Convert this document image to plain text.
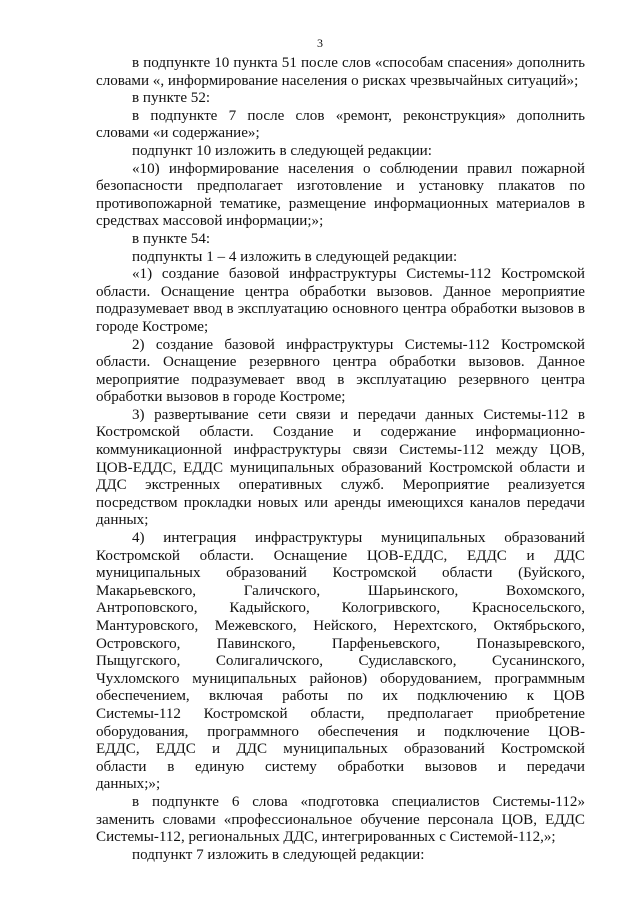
3

в подпункте 10 пункта 51 после слов «способам спасения» дополнить словами «, информирование населения о рисках чрезвычайных ситуаций»;

в пункте 52:

в подпункте 7 после слов «ремонт, реконструкция» дополнить словами «и содержание»;

подпункт 10 изложить в следующей редакции:

«10) информирование населения о соблюдении правил пожарной безопасности предполагает изготовление и установку плакатов по противопожарной тематике, размещение информационных материалов в средствах массовой информации;»;

в пункте 54:

подпункты 1 – 4 изложить в следующей редакции:

«1) создание базовой инфраструктуры Системы-112 Костромской области. Оснащение центра обработки вызовов. Данное мероприятие подразумевает ввод в эксплуатацию основного центра обработки вызовов в городе Костроме;

2) создание базовой инфраструктуры Системы-112 Костромской области. Оснащение резервного центра обработки вызовов. Данное мероприятие подразумевает ввод в эксплуатацию резервного центра обработки вызовов в городе Костроме;

3) развертывание сети связи и передачи данных Системы-112 в Костромской области. Создание и содержание информационно-коммуникационной инфраструктуры связи Системы-112 между ЦОВ, ЦОВ-ЕДДС, ЕДДС муниципальных образований Костромской области и ДДС экстренных оперативных служб. Мероприятие реализуется посредством прокладки новых или аренды имеющихся каналов передачи данных;

4) интеграция инфраструктуры муниципальных образований Костромской области. Оснащение ЦОВ-ЕДДС, ЕДДС и ДДС муниципальных образований Костромской области (Буйского, Макарьевского, Галичского, Шарьинского, Вохомского, Антроповского, Кадыйского, Кологривского, Красносельского, Мантуровского, Межевского, Нейского, Нерехтского, Октябрьского, Островского, Павинского, Парфеньевского, Поназыревского, Пыщугского, Солигаличского, Судиславского, Сусанинского, Чухломского муниципальных районов) оборудованием, программным обеспечением, включая работы по их подключению к ЦОВ Системы-112 Костромской области, предполагает приобретение оборудования, программного обеспечения и подключение ЦОВ-ЕДДС, ЕДДС и ДДС муниципальных образований Костромской области в единую систему обработки вызовов и передачи данных;»;

в подпункте 6 слова «подготовка специалистов Системы-112» заменить словами «профессиональное обучение персонала ЦОВ, ЕДДС Системы-112, региональных ДДС, интегрированных с Системой-112,»;

подпункт 7 изложить в следующей редакции:
